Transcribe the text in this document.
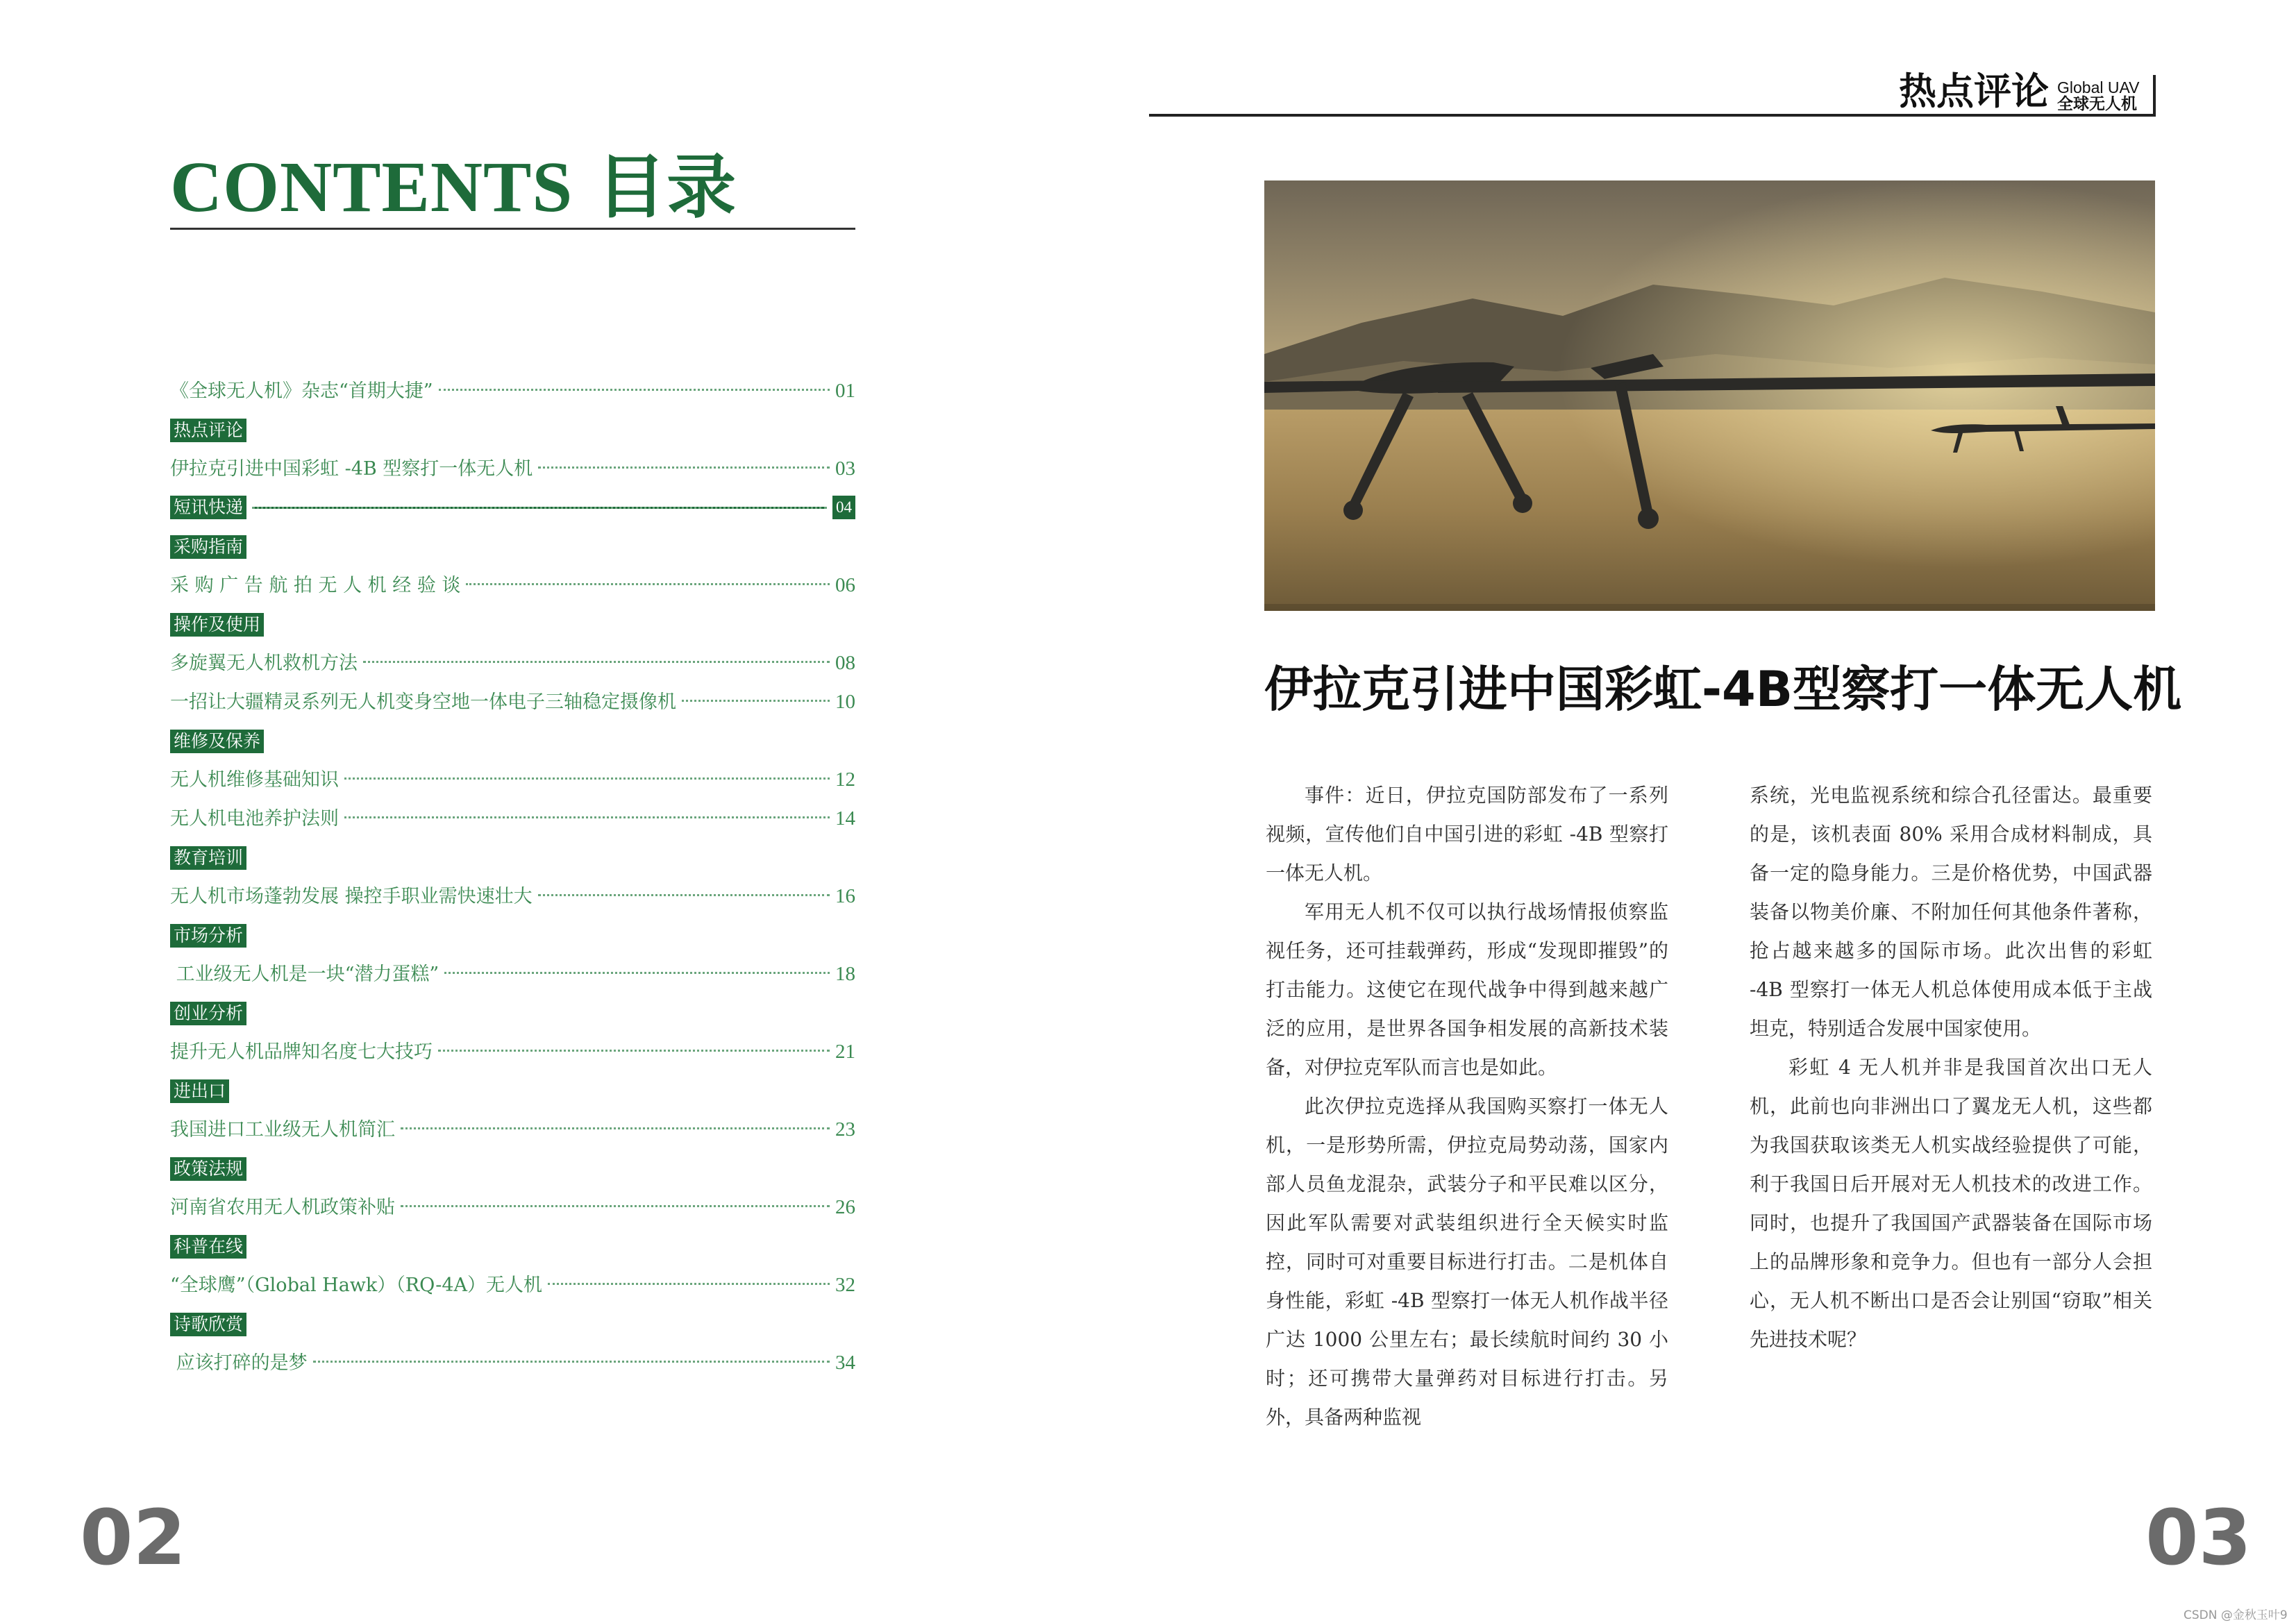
CONTENTS 目录
《全球无人机》杂志“首期大捷”	01
热点评论
伊拉克引进中国彩虹 -4B 型察打一体无人机	03
短讯快递	04
采购指南
采 购 广 告 航 拍 无 人 机 经 验 谈	06
操作及使用
多旋翼无人机救机方法	08
一招让大疆精灵系列无人机变身空地一体电子三轴稳定摄像机	10
维修及保养
无人机维修基础知识	12
无人机电池养护法则	14
教育培训
无人机市场蓬勃发展 操控手职业需快速壮大	16
市场分析
工业级无人机是一块“潜力蛋糕”	18
创业分析
提升无人机品牌知名度七大技巧	21
进出口
我国进口工业级无人机简汇	23
政策法规
河南省农用无人机政策补贴	26
科普在线
“全球鹰”（Global Hawk）（RQ-4A）无人机	32
诗歌欣赏
应该打碎的是梦	34
02
热点评论 Global UAV
全球无人机
伊拉克引进中国彩虹-4B型察打一体无人机

事件：近日，伊拉克国防部发布了一系列视频，宣传他们自中国引进的彩虹 -4B 型察打一体无人机。

军用无人机不仅可以执行战场情报侦察监视任务，还可挂载弹药，形成“发现即摧毁”的打击能力。这使它在现代战争中得到越来越广泛的应用，是世界各国争相发展的高新技术装备，对伊拉克军队而言也是如此。

此次伊拉克选择从我国购买察打一体无人机，一是形势所需，伊拉克局势动荡，国家内部人员鱼龙混杂，武装分子和平民难以区分，因此军队需要对武装组织进行全天候实时监控，同时可对重要目标进行打击。二是机体自身性能，彩虹 -4B 型察打一体无人机作战半径广达 1000 公里左右；最长续航时间约 30 小时；还可携带大量弹药对目标进行打击。另外，具备两种监视

系统，光电监视系统和综合孔径雷达。最重要的是，该机表面 80% 采用合成材料制成，具备一定的隐身能力。三是价格优势，中国武器装备以物美价廉、不附加任何其他条件著称，抢占越来越多的国际市场。此次出售的彩虹 -4B 型察打一体无人机总体使用成本低于主战坦克，特别适合发展中国家使用。

彩虹 4 无人机并非是我国首次出口无人机，此前也向非洲出口了翼龙无人机，这些都为我国获取该类无人机实战经验提供了可能，利于我国日后开展对无人机技术的改进工作。同时，也提升了我国国产武器装备在国际市场上的品牌形象和竞争力。但也有一部分人会担心，无人机不断出口是否会让别国“窃取”相关先进技术呢？

03
CSDN @金秋玉叶9
